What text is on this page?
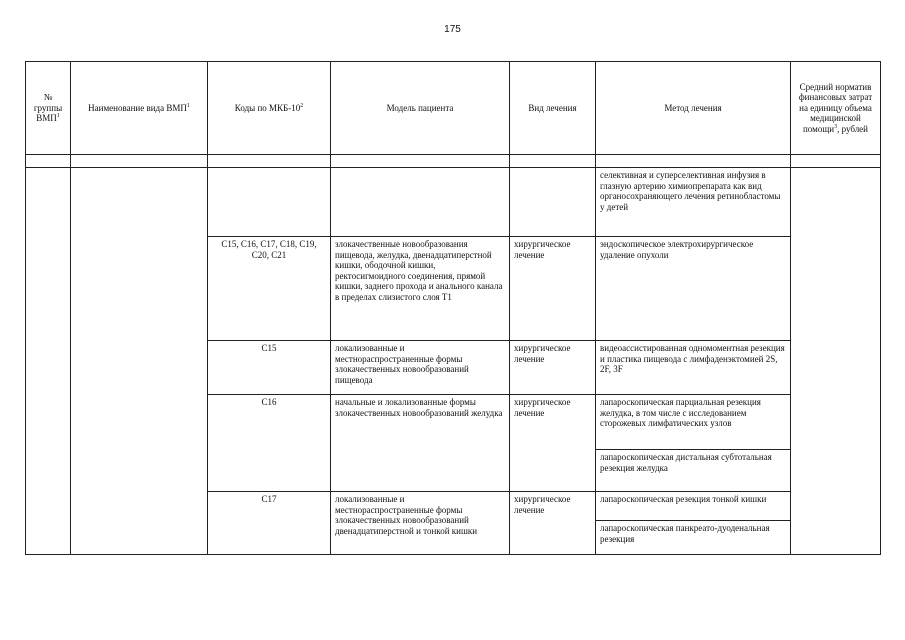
175
№ группы ВМП$^1$	Наименование вида ВМП$^1$	Коды по МКБ-$10^2$	Модель пациента	Вид лечения	Метод лечения	Средний норматив финансовых затрат на единицу объема медицинской помощи$^3$, рублей

					селективная и суперселективная инфузия в глазную артерию химиопрепарата как вид органосохраняющего лечения ретинобластомы у детей	
		C15, C16, C17, C18, C19, C20, C21	злокачественные новообразования пищевода, желудка, двенадцатиперстной кишки, ободочной кишки, ректосигмоидного соединения, прямой кишки, заднего прохода и анального канала в пределах слизистого слоя T1	хирургическое лечение	эндоскопическое электрохирургическое удаление опухоли	
		C15	локализованные и местнораспространенные формы злокачественных новообразований пищевода	хирургическое лечение	видеоассистированная одномоментная резекция и пластика пищевода с лимфаденэктомией 2S, 2F, 3F	
		C16	начальные и локализованные формы злокачественных новообразований желудка	хирургическое лечение	лапароскопическая парциальная резекция желудка, в том числе с исследованием сторожевых лимфатических узлов	
					лапароскопическая дистальная субтотальная резекция желудка	
		C17	локализованные и местнораспространенные формы злокачественных новообразований двенадцатиперстной и тонкой кишки	хирургическое лечение	лапароскопическая резекция тонкой кишки	
					лапароскопическая панкреато-дуоденальная резекция	
